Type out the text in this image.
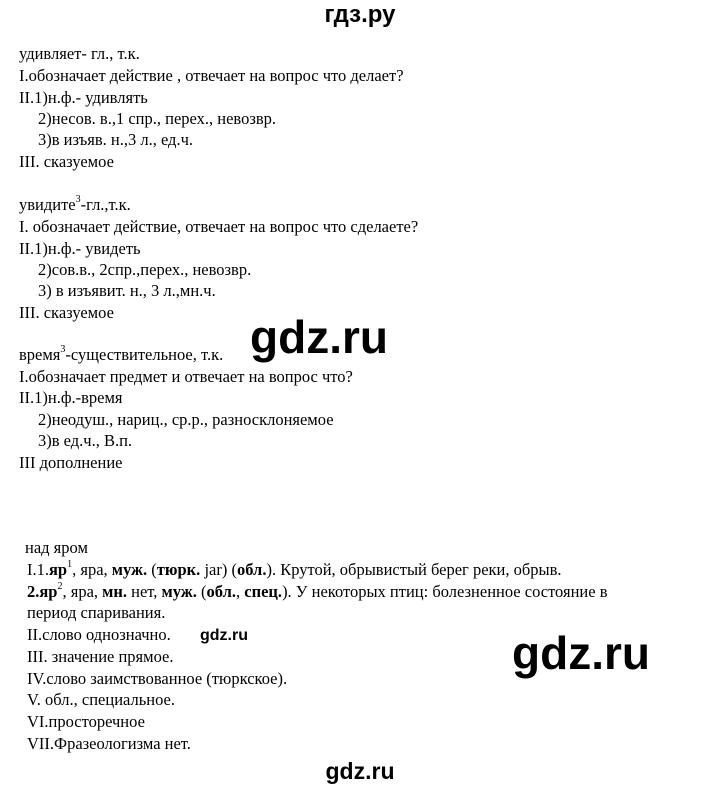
гдз.ру
удивляет- гл., т.к.
I.обозначает действие , отвечает на вопрос что делает?
II.1)н.ф.- удивлять
2)несов. в.,1 спр., перех., невозвр.
3)в изъяв. н.,3 л., ед.ч.
III. сказуемое
увидите$^3$-гл.,т.к.
I. обозначает действие, отвечает на вопрос что сделаете?
II.1)н.ф.- увидеть
2)сов.в., 2спр.,перех., невозвр.
3) в изъявит. н., 3 л.,мн.ч.
III. сказуемое
время$^3$-существительное, т.к.
I.обозначает предмет и отвечает на вопрос что?
II.1)н.ф.-время
2)неодуш., нариц., ср.р., разносклоняемое
3)в ед.ч., В.п.
III дополнение
над яром
$I.1.яр^1$, яра, муж. (тюрк. jar) (обл.). Крутой, обрывистый берег реки, обрыв.
$2.яр^2$, яра, мн. нет, муж. (обл., спец.). У некоторых птиц: болезненное состояние в
период спаривания.
II.слово однозначно.
III. значение прямое.
IV.слово заимствованное (тюркское).
V. обл., специальное.
VI.просторечное
VII.Фразеологизма нет.
gdz.ru
gdz.ru	gdz.ru
gdz.ru
